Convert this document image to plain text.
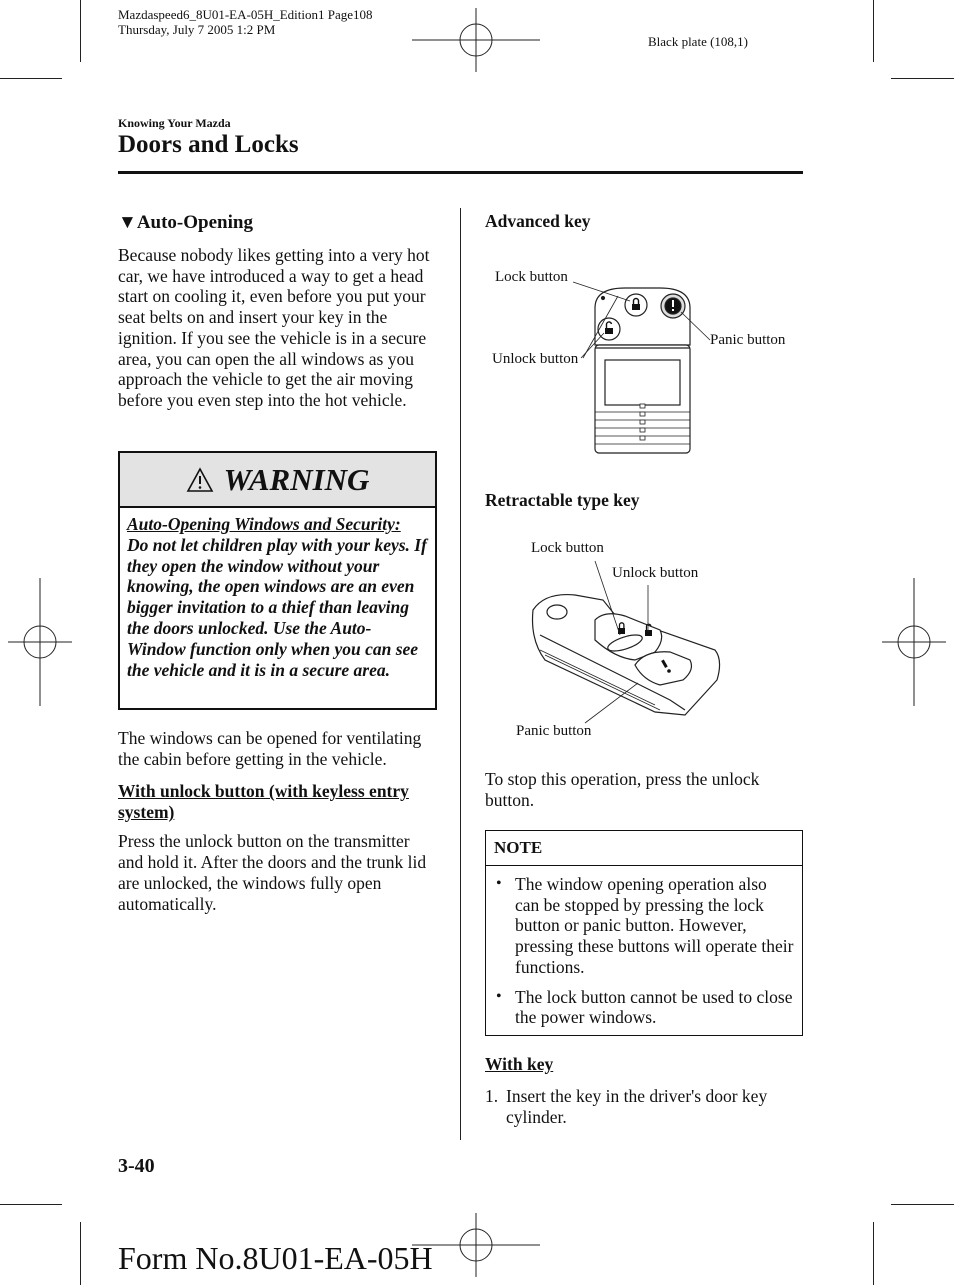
Mazdaspeed6_8U01-EA-05H_Edition1 Page108
Thursday, July 7 2005 1:2 PM
Black plate (108,1)
Knowing Your Mazda
Doors and Locks
▼Auto-Opening

Because nobody likes getting into a very hot car, we have introduced a way to get a head start on cooling it, even before you put your seat belts on and insert your key in the ignition. If you see the vehicle is in a secure area, you can open the all windows as you approach the vehicle to get the air moving before you even step into the hot vehicle.

WARNING
Auto-Opening Windows and Security:
Do not let children play with your keys. If they open the window without your knowing, the open windows are an even bigger invitation to a thief than leaving the doors unlocked. Use the Auto-Window function only when you can see the vehicle and it is in a secure area.

The windows can be opened for ventilating the cabin before getting in the vehicle.

With unlock button (with keyless entry system)

Press the unlock button on the transmitter and hold it. After the doors and the trunk lid are unlocked, the windows fully open automatically.

Advanced key
Lock button
Unlock button
Panic button
Retractable type key
Lock button
Unlock button
Panic button
To stop this operation, press the unlock button.
NOTE
• The window opening operation also can be stopped by pressing the lock button or panic button. However, pressing these buttons will operate their functions.
• The lock button cannot be used to close the power windows.
With key
1. Insert the key in the driver's door key cylinder.
3-40
Form No.8U01-EA-05H
